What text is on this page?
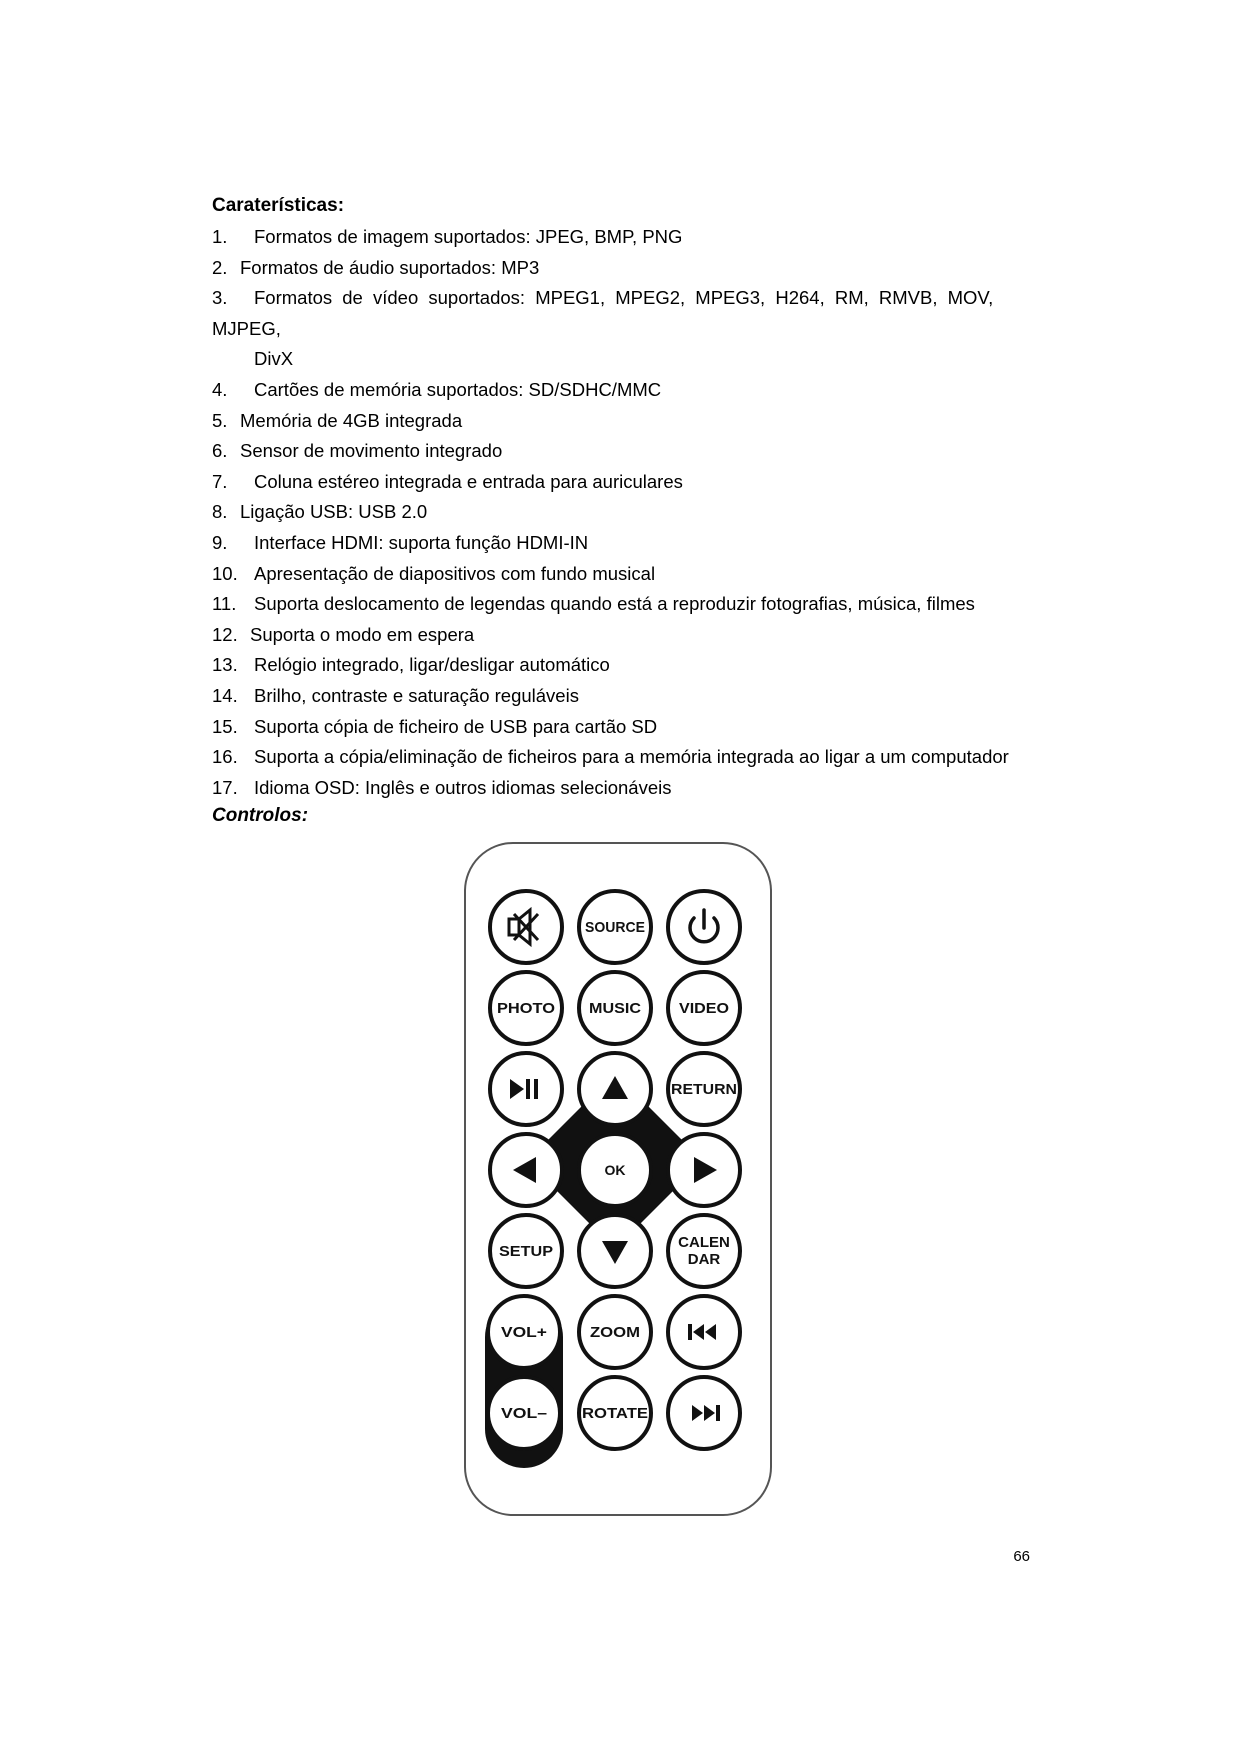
Caraterísticas:
1. Formatos de imagem suportados: JPEG, BMP, PNG
2. Formatos de áudio suportados: MP3
3. Formatos de vídeo suportados: MPEG1, MPEG2, MPEG3, H264, RM, RMVB, MOV, MJPEG,
DivX
4. Cartões de memória suportados: SD/SDHC/MMC
5. Memória de 4GB integrada
6. Sensor de movimento integrado
7. Coluna estéreo integrada e entrada para auriculares
8. Ligação USB: USB 2.0
9. Interface HDMI: suporta função HDMI-IN
10. Apresentação de diapositivos com fundo musical
11. Suporta deslocamento de legendas quando está a reproduzir fotografias, música, filmes
12. Suporta o modo em espera
13. Relógio integrado, ligar/desligar automático
14. Brilho, contraste e saturação reguláveis
15. Suporta cópia de ficheiro de USB para cartão SD
16. Suporta a cópia/eliminação de ficheiros para a memória integrada ao ligar a um computador
17. Idioma OSD: Inglês e outros idiomas selecionáveis
Controlos:
SOURCE
PHOTO MUSIC	VIDEO
RETURN
OK
SETUP
CALEN
DAR
VOL+	ZOOM
VOL– ROTATE
66
